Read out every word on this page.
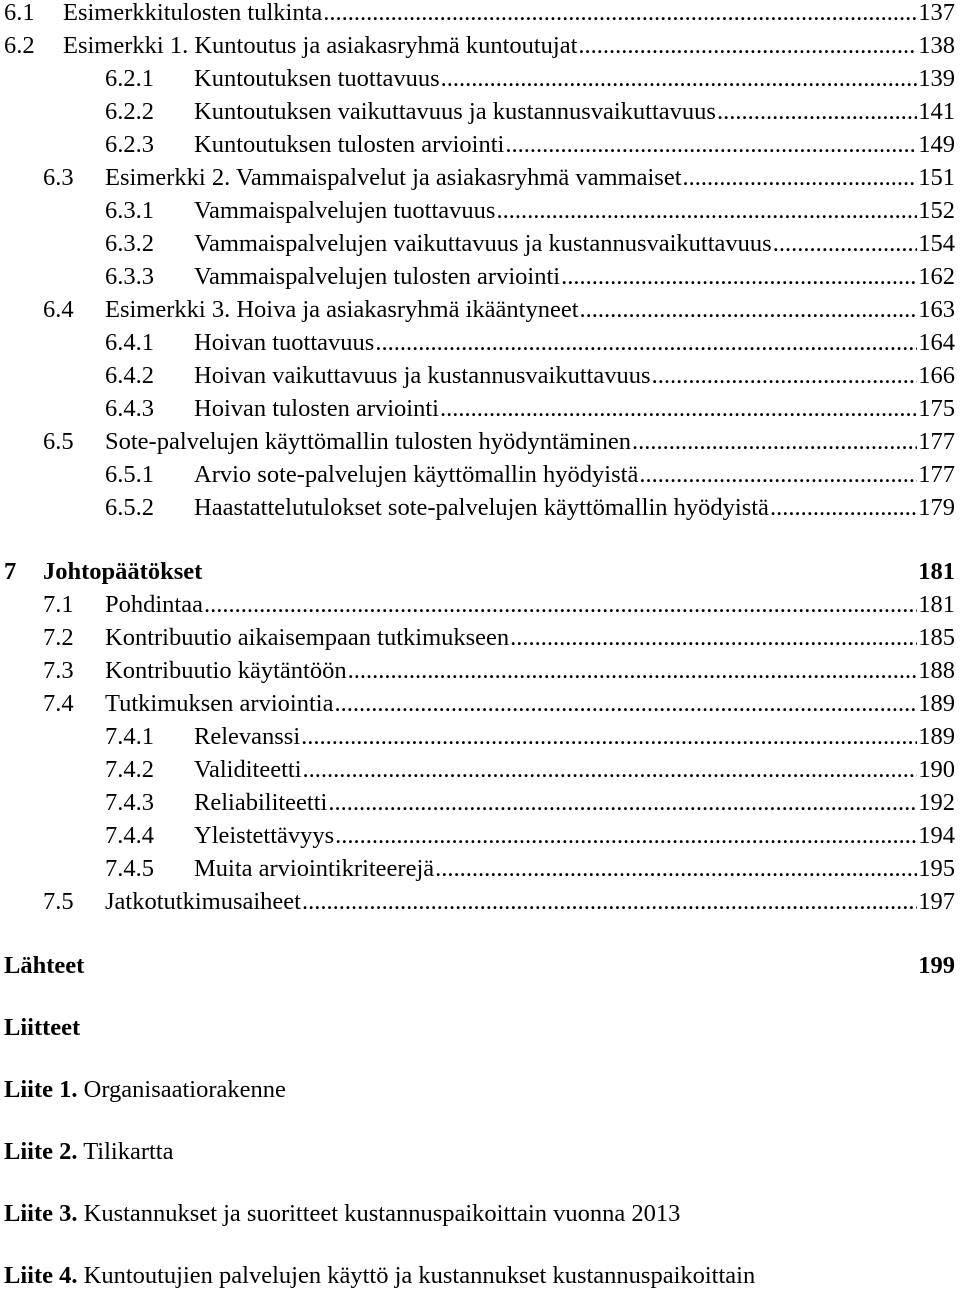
6.1	Esimerkkitulosten tulkinta .....	137
6.2	Esimerkki 1. Kuntoutus ja asiakasryhmä kuntoutujat .....	138
6.2.1	Kuntoutuksen tuottavuus .....	139
6.2.2	Kuntoutuksen vaikuttavuus ja kustannusvaikuttavuus .....	141
6.2.3	Kuntoutuksen tulosten arviointi .....	149
6.3	Esimerkki 2. Vammaispalvelut ja asiakasryhmä vammaiset .....	151
6.3.1	Vammaispalvelujen tuottavuus .....	152
6.3.2	Vammaispalvelujen vaikuttavuus ja kustannusvaikuttavuus .....	154
6.3.3	Vammaispalvelujen tulosten arviointi .....	162
6.4	Esimerkki 3. Hoiva ja asiakasryhmä ikääntyneet .....	163
6.4.1	Hoivan tuottavuus .....	164
6.4.2	Hoivan vaikuttavuus ja kustannusvaikuttavuus .....	166
6.4.3	Hoivan tulosten arviointi .....	175
6.5	Sote-palvelujen käyttömallin tulosten hyödyntäminen .....	177
6.5.1	Arvio sote-palvelujen käyttömallin hyödyistä .....	177
6.5.2	Haastattelutulokset sote-palvelujen käyttömallin hyödyistä .....	179
7	Johtopäätökset	181
7.1	Pohdintaa .....	181
7.2	Kontribuutio aikaisempaan tutkimukseen .....	185
7.3	Kontribuutio käytäntöön .....	188
7.4	Tutkimuksen arviointia .....	189
7.4.1	Relevanssi .....	189
7.4.2	Validiteetti .....	190
7.4.3	Reliabiliteetti .....	192
7.4.4	Yleistettävyys .....	194
7.4.5	Muita arviointikriteerejä .....	195
7.5	Jatkotutkimusaiheet .....	197
Lähteet	199
Liitteet
Liite 1. Organisaatiorakenne
Liite 2. Tilikartta
Liite 3. Kustannukset ja suoritteet kustannuspaikoittain vuonna 2013
Liite 4. Kuntoutujien palvelujen käyttö ja kustannukset kustannuspaikoittain
